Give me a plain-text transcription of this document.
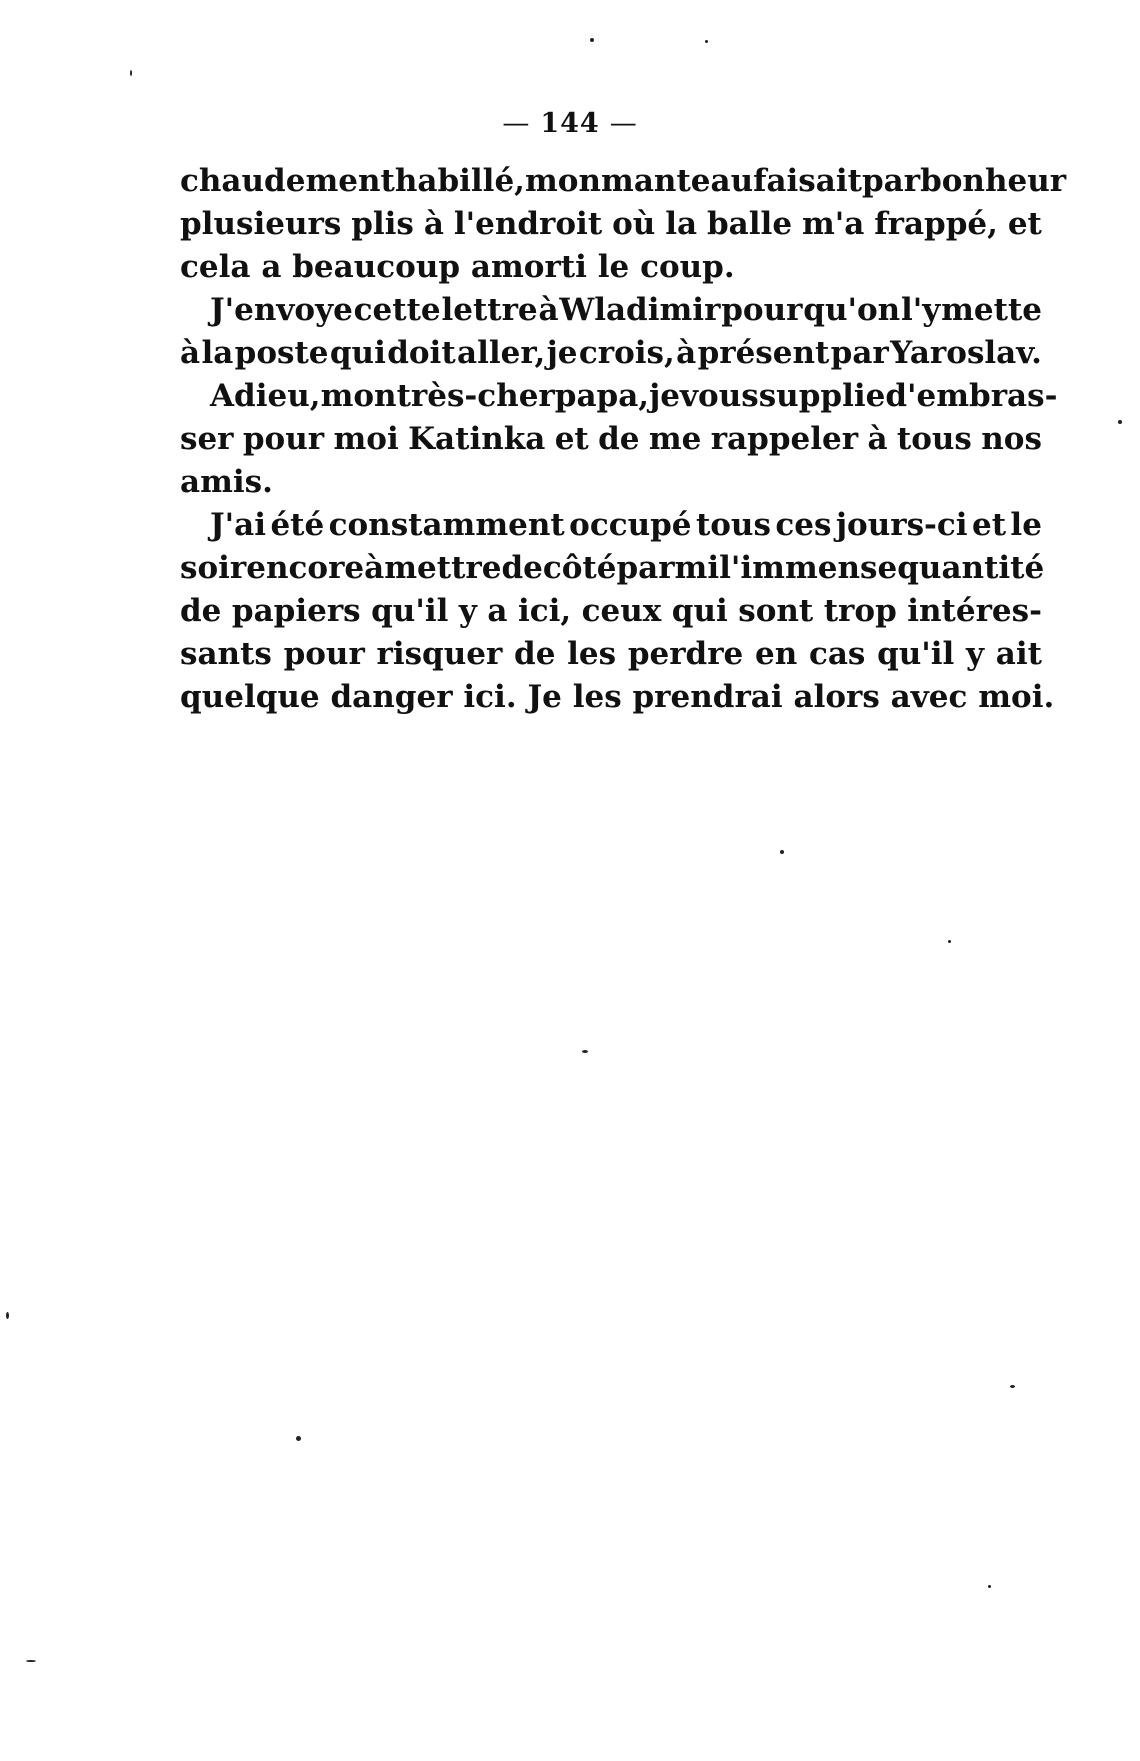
— 144 —
chaudement habillé, mon manteau faisait par bonheur
plusieurs plis à l'endroit où la balle m'a frappé, et
cela a beaucoup amorti le coup.
J'envoye cette lettre à Wladimir pour qu'on l'y mette
à la poste qui doit aller, je crois, à présent par Yaroslav.
Adieu, mon très-cher papa, je vous supplie d'embras-
ser pour moi Katinka et de me rappeler à tous nos
amis.
J'ai été constamment occupé tous ces jours-ci et le
soir encore à mettre de côté parmi l'immense quantité
de papiers qu'il y a ici, ceux qui sont trop intéres-
sants pour risquer de les perdre en cas qu'il y ait
quelque danger ici. Je les prendrai alors avec moi.
